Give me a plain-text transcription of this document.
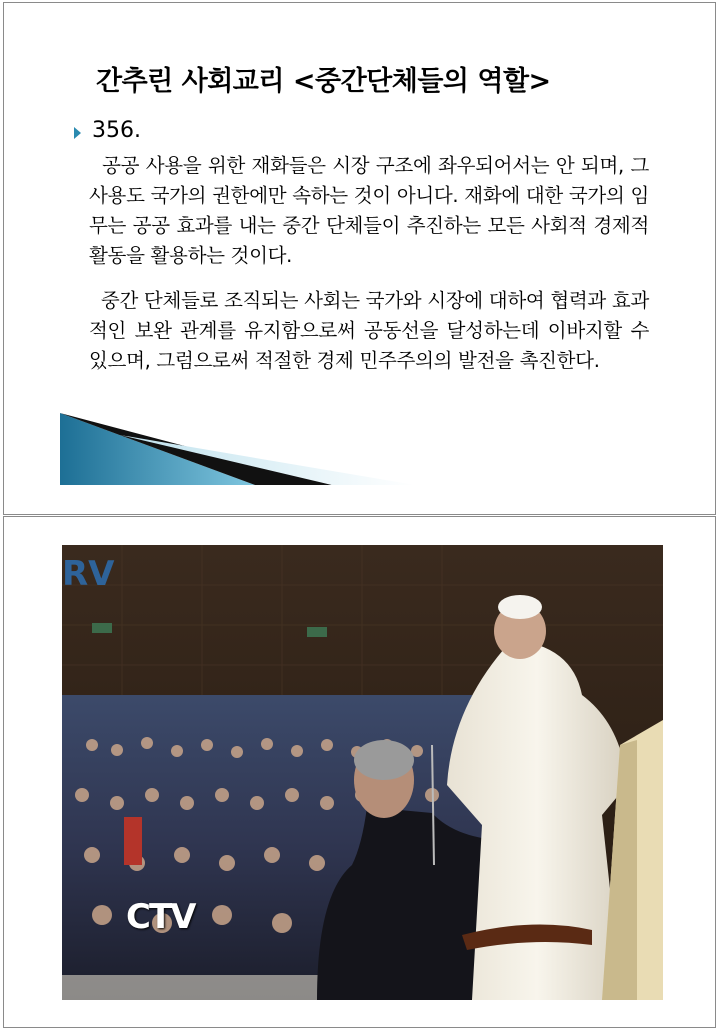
간추린 사회교리 <중간단체들의 역할>
356.
공공 사용을 위한 재화들은 시장 구조에 좌우되어서는 안 되며, 그 사용도 국가의 권한에만 속하는 것이 아니다. 재화에 대한 국가의 임무는 공공 효과를 내는 중간 단체들이 추진하는 모든 사회적 경제적 활동을 활용하는 것이다.
중간 단체들로 조직되는 사회는 국가와 시장에 대하여 협력과 효과적인 보완 관계를 유지함으로써 공동선을 달성하는데 이바지할 수 있으며, 그럼으로써 적절한 경제 민주주의의 발전을 촉진한다.
RV
CTV
